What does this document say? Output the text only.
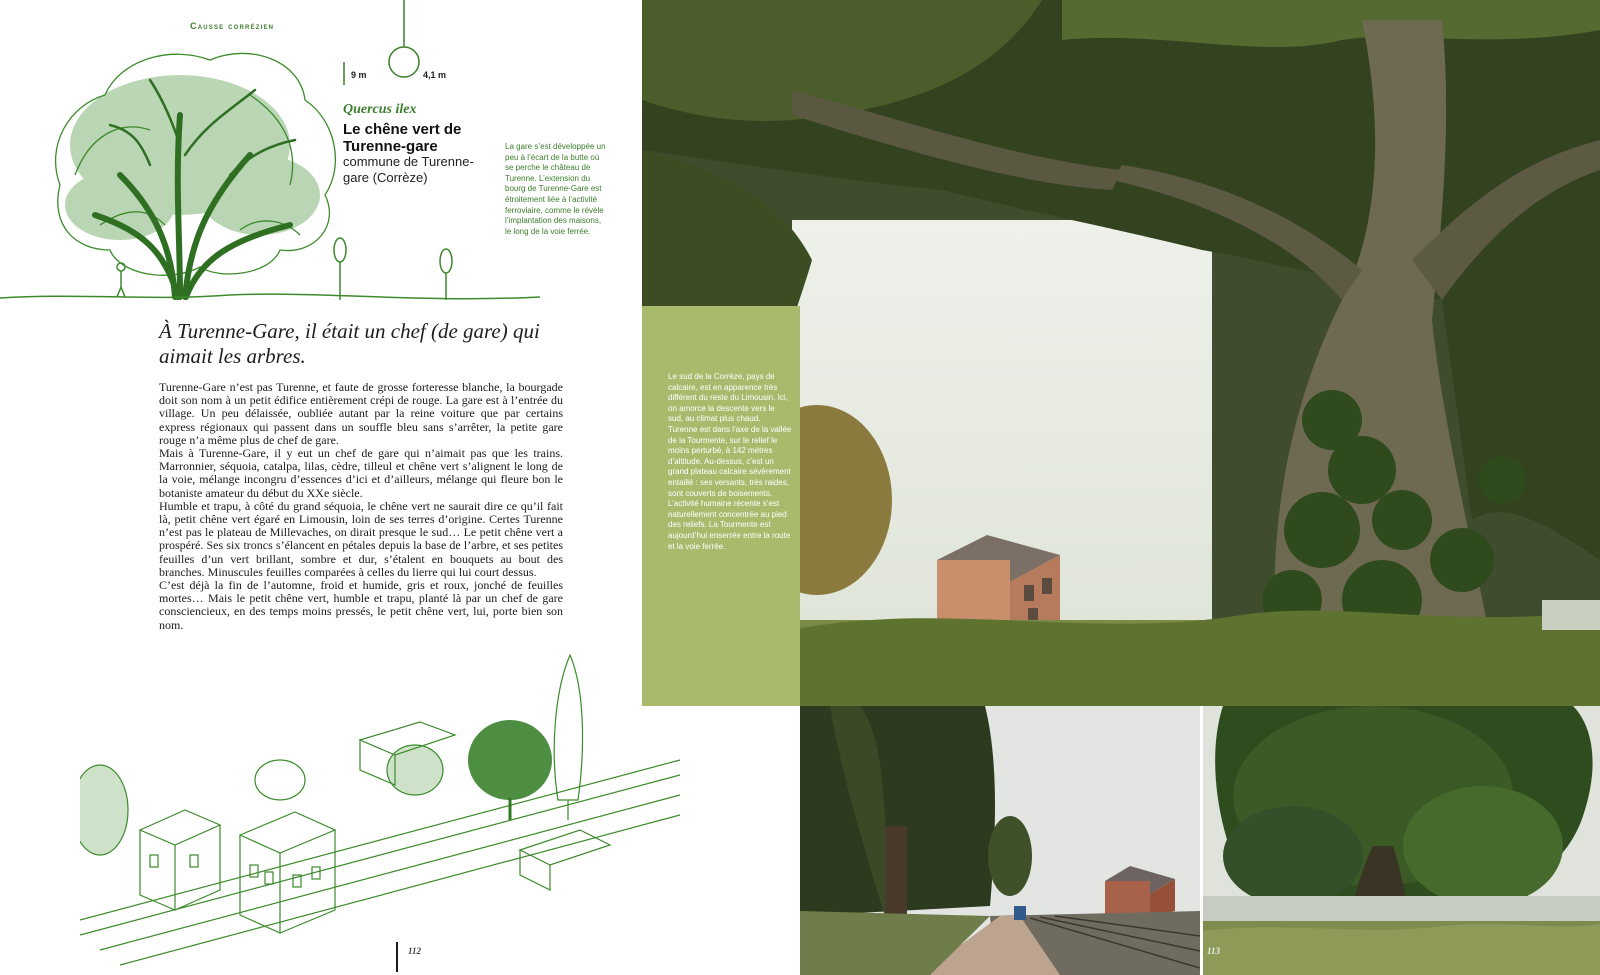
Causse corrézien
9 m	4,1 m
Quercus ilex
Le chêne vert de Turenne-gare
commune de Turenne-gare (Corrèze)
La gare s’est développée un peu à l’écart de la butte où se perche le château de Turenne. L’extension du bourg de Turenne-Gare est étroitement liée à l’activité ferroviaire, comme le révèle l’implantation des maisons, le long de la voie ferrée.
À Turenne-Gare, il était un chef (de gare) qui aimait les arbres.

Turenne-Gare n’est pas Turenne, et faute de grosse forteresse blanche, la bourgade doit son nom à un petit édifice entièrement crépi de rouge. La gare est à l’entrée du village. Un peu délaissée, oubliée autant par la reine voiture que par certains express régionaux qui passent dans un souffle bleu sans s’arrêter, la petite gare rouge n’a même plus de chef de gare.

Mais à Turenne-Gare, il y eut un chef de gare qui n’aimait pas que les trains. Marronnier, séquoia, catalpa, lilas, cèdre, tilleul et chêne vert s’alignent le long de la voie, mélange incongru d’essences d’ici et d’ailleurs, mélange qui fleure bon le botaniste amateur du début du XXe siècle.

Humble et trapu, à côté du grand séquoia, le chêne vert ne saurait dire ce qu’il fait là, petit chêne vert égaré en Limousin, loin de ses terres d’origine. Certes Turenne n’est pas le plateau de Millevaches, on dirait presque le sud… Le petit chêne vert a prospéré. Ses six troncs s’élancent en pétales depuis la base de l’arbre, et ses petites feuilles d’un vert brillant, sombre et dur, s’étalent en bouquets au bout des branches. Minuscules feuilles comparées à celles du lierre qui lui court dessus.

C’est déjà la fin de l’automne, froid et humide, gris et roux, jonché de feuilles mortes… Mais le petit chêne vert, humble et trapu, planté là par un chef de gare consciencieux, en des temps moins pressés, le petit chêne vert, lui, porte bien son nom.

112
Le sud de la Corrèze, pays de calcaire, est en apparence très différent du reste du Limousin. Ici, on amorce la descente vers le sud, au climat plus chaud. Turenne est dans l’axe de la vallée de la Tourmente, sur le relief le moins perturbé, à 142 mètres d’altitude. Au-dessus, c’est un grand plateau calcaire sévèrement entaillé : ses versants, très raides, sont couverts de boisements. L’activité humaine récente s’est naturellement concentrée au pied des reliefs. La Tourmente est aujourd’hui enserrée entre la route et la voie ferrée.
113
